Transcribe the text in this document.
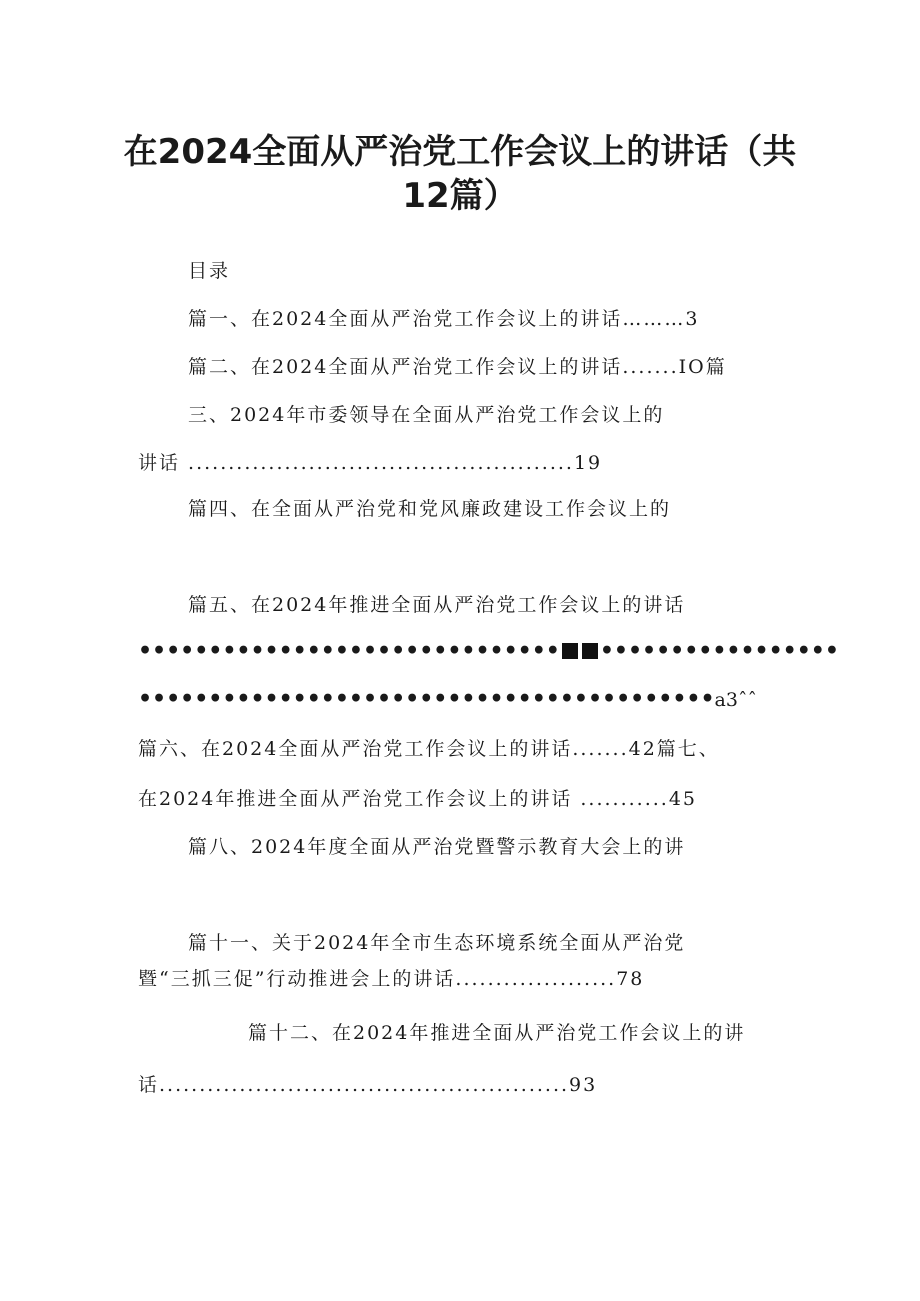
在2024全面从严治党工作会议上的讲话（共
12篇）
目录
篇一、在2024全面从严治党工作会议上的讲话………3
篇二、在2024全面从严治党工作会议上的讲话.......IO篇
三、2024年市委领导在全面从严治党工作会议上的
讲话 ................................................19
篇四、在全面从严治党和党风廉政建设工作会议上的
篇五、在2024年推进全面从严治党工作会议上的讲话
•••••••••••••••••••••••••••••• •••••••••••••••••
•••••••••••••••••••••••••••••••••••••••••a3ˆˆ
篇六、在2024全面从严治党工作会议上的讲话.......42篇七、
在2024年推进全面从严治党工作会议上的讲话 ...........45
篇八、2024年度全面从严治党暨警示教育大会上的讲
篇十一、关于2024年全市生态环境系统全面从严治党
暨“三抓三促”行动推进会上的讲话....................78
篇十二、在2024年推进全面从严治党工作会议上的讲
话...................................................93
